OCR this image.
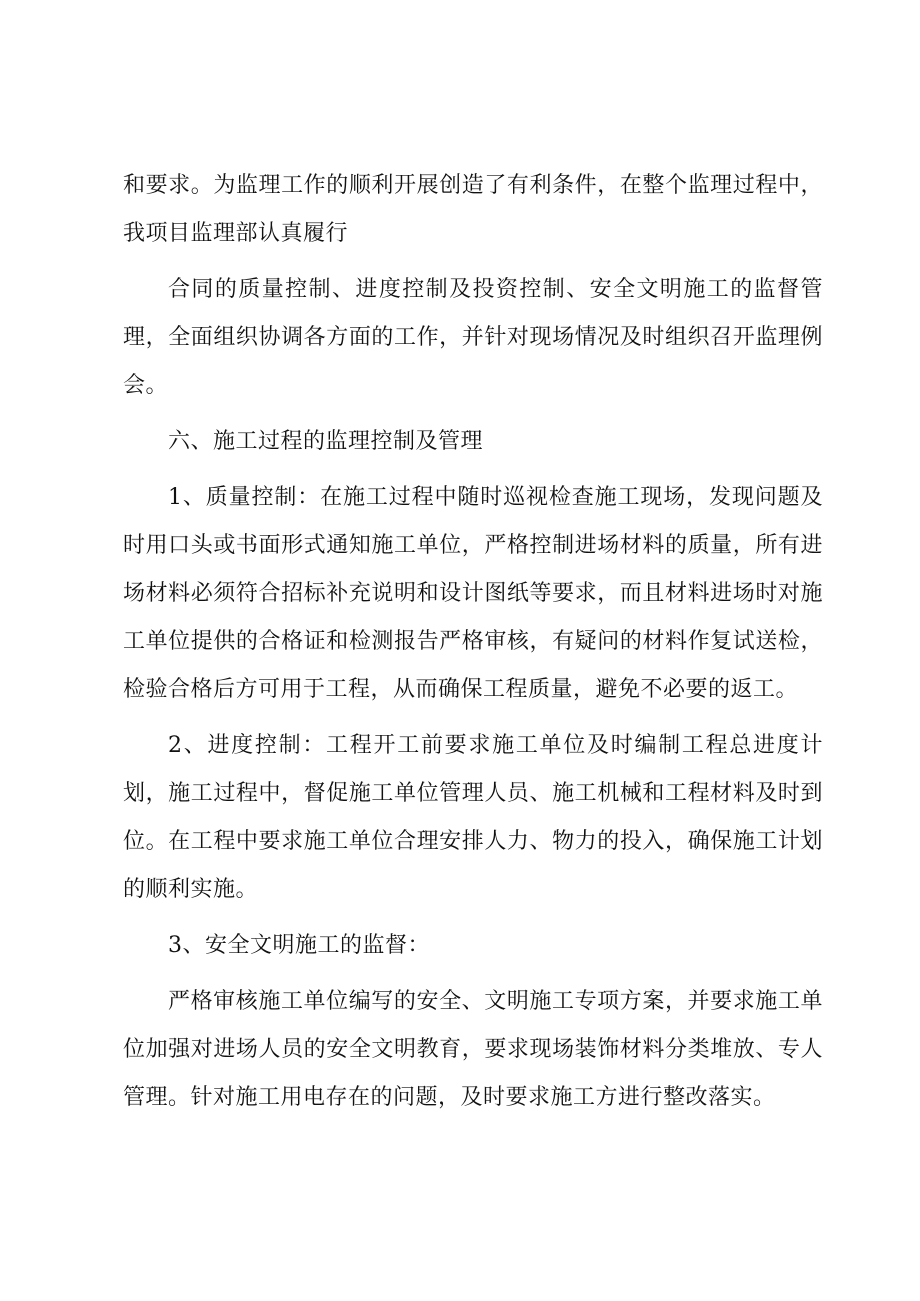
和要求。为监理工作的顺利开展创造了有利条件，在整个监理过程中，我项目监理部认真履行

合同的质量控制、进度控制及投资控制、安全文明施工的监督管理，全面组织协调各方面的工作，并针对现场情况及时组织召开监理例会。

六、施工过程的监理控制及管理

1、质量控制：在施工过程中随时巡视检查施工现场，发现问题及时用口头或书面形式通知施工单位，严格控制进场材料的质量，所有进场材料必须符合招标补充说明和设计图纸等要求，而且材料进场时对施工单位提供的合格证和检测报告严格审核，有疑问的材料作复试送检，检验合格后方可用于工程，从而确保工程质量，避免不必要的返工。

2、进度控制：工程开工前要求施工单位及时编制工程总进度计划，施工过程中，督促施工单位管理人员、施工机械和工程材料及时到位。在工程中要求施工单位合理安排人力、物力的投入，确保施工计划的顺利实施。

3、安全文明施工的监督：

严格审核施工单位编写的安全、文明施工专项方案，并要求施工单位加强对进场人员的安全文明教育，要求现场装饰材料分类堆放、专人管理。针对施工用电存在的问题，及时要求施工方进行整改落实。
